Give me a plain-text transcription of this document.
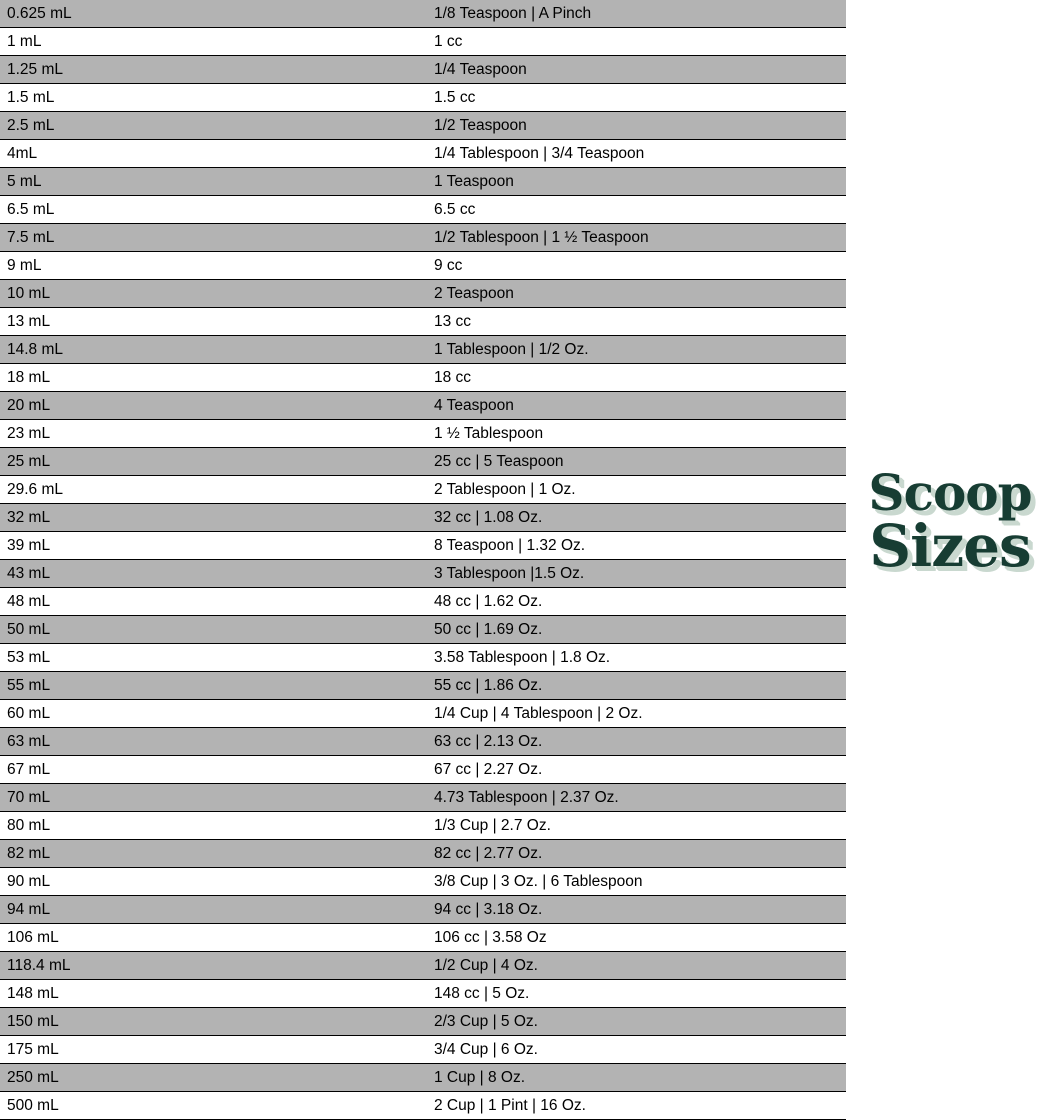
0.625 mL	1/8 Teaspoon | A Pinch
1 mL	1 cc
1.25 mL	1/4 Teaspoon
1.5 mL	1.5 cc
2.5 mL	1/2 Teaspoon
4mL	1/4 Tablespoon | 3/4 Teaspoon
5 mL	1 Teaspoon
6.5 mL	6.5 cc
7.5 mL	1/2 Tablespoon | 1 ½ Teaspoon
9 mL	9 cc
10 mL	2 Teaspoon
13 mL	13 cc
14.8 mL	1 Tablespoon | 1/2 Oz.
18 mL	18 cc
20 mL	4 Teaspoon
23 mL	1 ½ Tablespoon
25 mL	25 cc | 5 Teaspoon
29.6 mL	2 Tablespoon | 1 Oz.
32 mL	32 cc | 1.08 Oz.
39 mL	8 Teaspoon | 1.32 Oz.
43 mL	3 Tablespoon |1.5 Oz.
48 mL	48 cc | 1.62 Oz.
50 mL	50 cc | 1.69 Oz.
53 mL	3.58 Tablespoon | 1.8 Oz.
55 mL	55 cc | 1.86 Oz.
60 mL	1/4 Cup | 4 Tablespoon | 2 Oz.
63 mL	63 cc | 2.13 Oz.
67 mL	67 cc | 2.27 Oz.
70 mL	4.73 Tablespoon | 2.37 Oz.
80 mL	1/3 Cup | 2.7 Oz.
82 mL	82 cc | 2.77 Oz.
90 mL	3/8 Cup | 3 Oz. | 6 Tablespoon
94 mL	94 cc | 3.18 Oz.
106 mL	106 cc | 3.58 Oz
118.4 mL	1/2 Cup | 4 Oz.
148 mL	148 cc | 5 Oz.
150 mL	2/3 Cup | 5 Oz.
175 mL	3/4 Cup | 6 Oz.
250 mL	1 Cup | 8 Oz.
500 mL	2 Cup | 1 Pint | 16 Oz.
Scoop
Sizes
